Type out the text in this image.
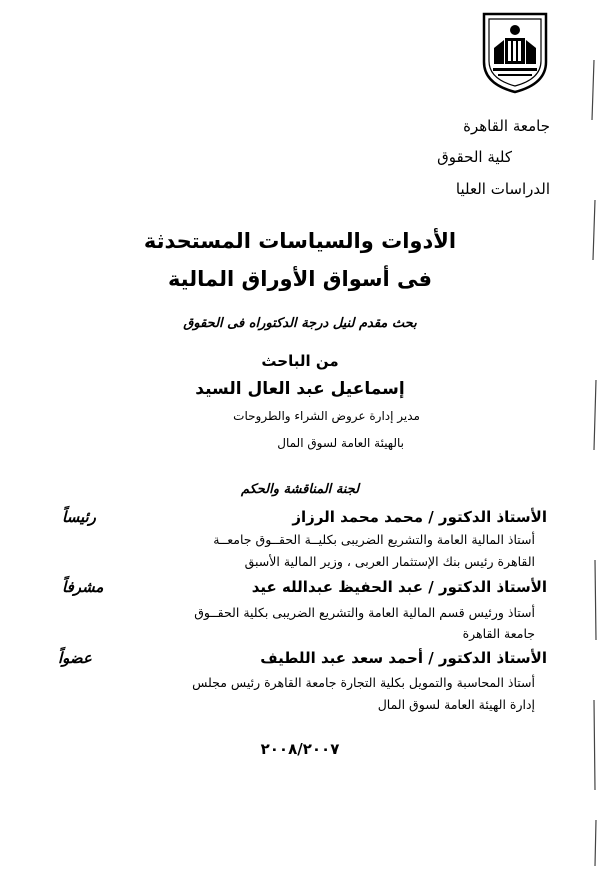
جامعة القاهرة
كلية الحقوق
الدراسات العليا
الأدوات والسياسات المستحدثة
فى أسواق الأوراق المالية
بحث مقدم لنيل درجة الدكتوراه فى الحقوق
من الباحث
إسماعيل عبد العال السيد
مدير إدارة عروض الشراء والطروحات
بالهيئة العامة لسوق المال
لجنة المناقشة والحكم
الأستاذ الدكتور / محمد محمد الرزاز
رئيساً
أستاذ المالية العامة والتشريع الضريبى بكليــة الحقــوق جامعــة
القاهرة رئيس بنك الإستثمار العربى ، وزير المالية الأسبق
الأستاذ الدكتور / عبد الحفيظ عبدالله عيد
مشرفاً
أستاذ ورئيس قسم المالية العامة والتشريع الضريبى بكلية الحقــوق
جامعة القاهرة
الأستاذ الدكتور / أحمد سعد عبد اللطيف
عضواً
أستاذ المحاسبة والتمويل بكلية التجارة جامعة القاهرة رئيس مجلس
إدارة الهيئة العامة لسوق المال
٢٠٠٨/٢٠٠٧
